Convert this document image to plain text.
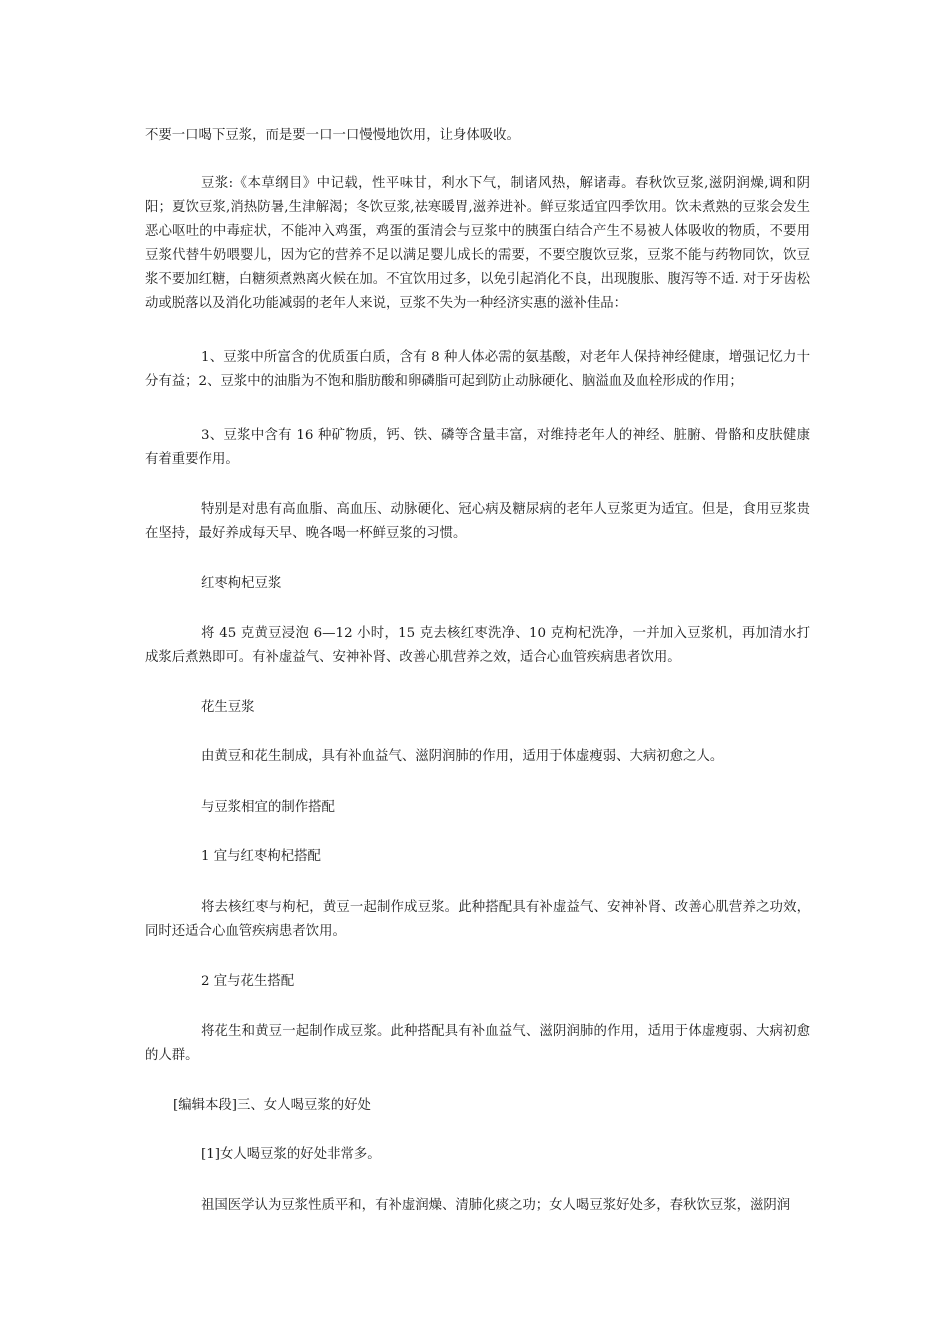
不要一口喝下豆浆，而是要一口一口慢慢地饮用，让身体吸收。

豆浆:《本草纲目》中记载，性平味甘，利水下气，制诸风热，解诸毒。春秋饮豆浆,滋阴润燥,调和阴阳；夏饮豆浆,消热防暑,生津解渴；冬饮豆浆,祛寒暖胃,滋养进补。鲜豆浆适宜四季饮用。饮未煮熟的豆浆会发生恶心呕吐的中毒症状，不能冲入鸡蛋，鸡蛋的蛋清会与豆浆中的胰蛋白结合产生不易被人体吸收的物质，不要用豆浆代替牛奶喂婴儿，因为它的营养不足以满足婴儿成长的需要，不要空腹饮豆浆，豆浆不能与药物同饮，饮豆浆不要加红糖，白糖须煮熟离火候在加。不宜饮用过多，以免引起消化不良，出现腹胀、腹泻等不适. 对于牙齿松动或脱落以及消化功能减弱的老年人来说，豆浆不失为一种经济实惠的滋补佳品：

1、豆浆中所富含的优质蛋白质，含有 8 种人体必需的氨基酸，对老年人保持神经健康，增强记忆力十分有益；2、豆浆中的油脂为不饱和脂肪酸和卵磷脂可起到防止动脉硬化、脑溢血及血栓形成的作用；

3、豆浆中含有 16 种矿物质，钙、铁、磷等含量丰富，对维持老年人的神经、脏腑、骨骼和皮肤健康有着重要作用。

特别是对患有高血脂、高血压、动脉硬化、冠心病及糖尿病的老年人豆浆更为适宜。但是，食用豆浆贵在坚持，最好养成每天早、晚各喝一杯鲜豆浆的习惯。

红枣枸杞豆浆

将 45 克黄豆浸泡 6—12 小时，15 克去核红枣洗净、10 克枸杞洗净，一并加入豆浆机，再加清水打成浆后煮熟即可。有补虚益气、安神补肾、改善心肌营养之效，适合心血管疾病患者饮用。

花生豆浆

由黄豆和花生制成，具有补血益气、滋阴润肺的作用，适用于体虚瘦弱、大病初愈之人。

与豆浆相宜的制作搭配

1 宜与红枣枸杞搭配

将去核红枣与枸杞，黄豆一起制作成豆浆。此种搭配具有补虚益气、安神补肾、改善心肌营养之功效，同时还适合心血管疾病患者饮用。

2 宜与花生搭配

将花生和黄豆一起制作成豆浆。此种搭配具有补血益气、滋阴润肺的作用，适用于体虚瘦弱、大病初愈的人群。

[编辑本段]三、女人喝豆浆的好处

[1]女人喝豆浆的好处非常多。

祖国医学认为豆浆性质平和，有补虚润燥、清肺化痰之功；女人喝豆浆好处多，春秋饮豆浆，滋阴润
